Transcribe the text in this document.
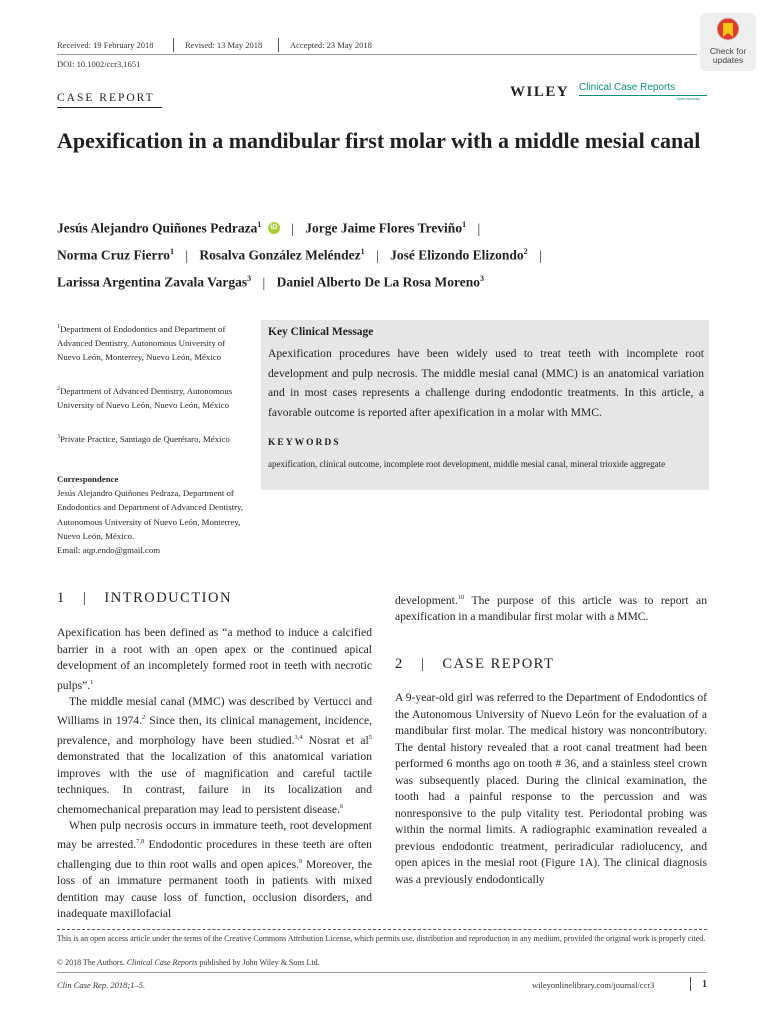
Received: 19 February 2018	Revised: 13 May 2018	Accepted: 23 May 2018
DOI: 10.1002/ccr3.1651
CASE REPORT	WILEY Clinical Case Reports
Open Access
Check for
updates
Apexification in a mandibular first molar with a middle mesial canal
Jesús Alejandro Quiñones Pedraza$^1$	iD | Jorge Jaime Flores Treviño$^1$ |
Norma Cruz Fierro$^1$ | Rosalva González Meléndez$^1$ | José Elizondo Elizondo$^2$ |
Larissa Argentina Zavala Vargas$^3$ | Daniel Alberto De La Rosa Moreno$^3$
$^1$Department of Endodontics and Department of Advanced Dentistry, Autonomous University of Nuevo León, Monterrey, Nuevo León, México
$^2$Department of Advanced Dentistry, Autonomous University of Nuevo León, Nuevo León, México
$^3$Private Practice, Santiago de Querétaro, México
Correspondence
Jesús Alejandro Quiñones Pedraza, Department of Endodontics and Department of Advanced Dentistry, Autonomous University of Nuevo León, Monterrey, Nuevo León, México.
Email: aqp.endo@gmail.com
Key Clinical Message
Apexification procedures have been widely used to treat teeth with incomplete root development and pulp necrosis. The middle mesial canal (MMC) is an anatomical variation and in most cases represents a challenge during endodontic treatments. In this article, a favorable outcome is reported after apexification in a molar with MMC.
KEYWORDS
apexification, clinical outcome, incomplete root development, middle mesial canal, mineral trioxide aggregate
1 | INTRODUCTION

Apexification has been defined as “a method to induce a calcified barrier in a root with an open apex or the continued apical development of an incompletely formed root in teeth with necrotic pulps”.$^1$

The middle mesial canal (MMC) was described by Vertucci and Williams in 1974.$^2$ Since then, its clinical management, incidence, prevalence, and morphology have been studied.$^{3,4}$ Nosrat et $al^5$ demonstrated that the localization of this anatomical variation improves with the use of magnification and careful tactile techniques. In contrast, failure in its localization and chemomechanical preparation may lead to persistent disease.$^6$

When pulp necrosis occurs in immature teeth, root development may be arrested.$^{7,8}$ Endodontic procedures in these teeth are often challenging due to thin root walls and open apices.$^9$ Moreover, the loss of an immature permanent tooth in patients with mixed dentition may cause loss of function, occlusion disorders, and inadequate maxillofacial

development.$^{10}$ The purpose of this article was to report an apexification in a mandibular first molar with a MMC.

2 | CASE REPORT

A 9-year-old girl was referred to the Department of Endodontics of the Autonomous University of Nuevo León for the evaluation of a mandibular first molar. The medical history was noncontributory. The dental history revealed that a root canal treatment had been performed 6 months ago on tooth # 36, and a stainless steel crown was subsequently placed. During the clinical examination, the tooth had a painful response to the percussion and was nonresponsive to the pulp vitality test. Periodontal probing was within the normal limits. A radiographic examination revealed a previous endodontic treatment, periradicular radiolucency, and open apices in the mesial root (Figure 1A). The clinical diagnosis was a previously endodontically

This is an open access article under the terms of the Creative Commons Attribution License, which permits use, distribution and reproduction in any medium, provided the original work is properly cited.
© 2018 The Authors. Clinical Case Reports published by John Wiley & Sons Ltd.
Clin Case Rep. 2018;1–5.	wileyonlinelibrary.com/journal/ccr3	1
